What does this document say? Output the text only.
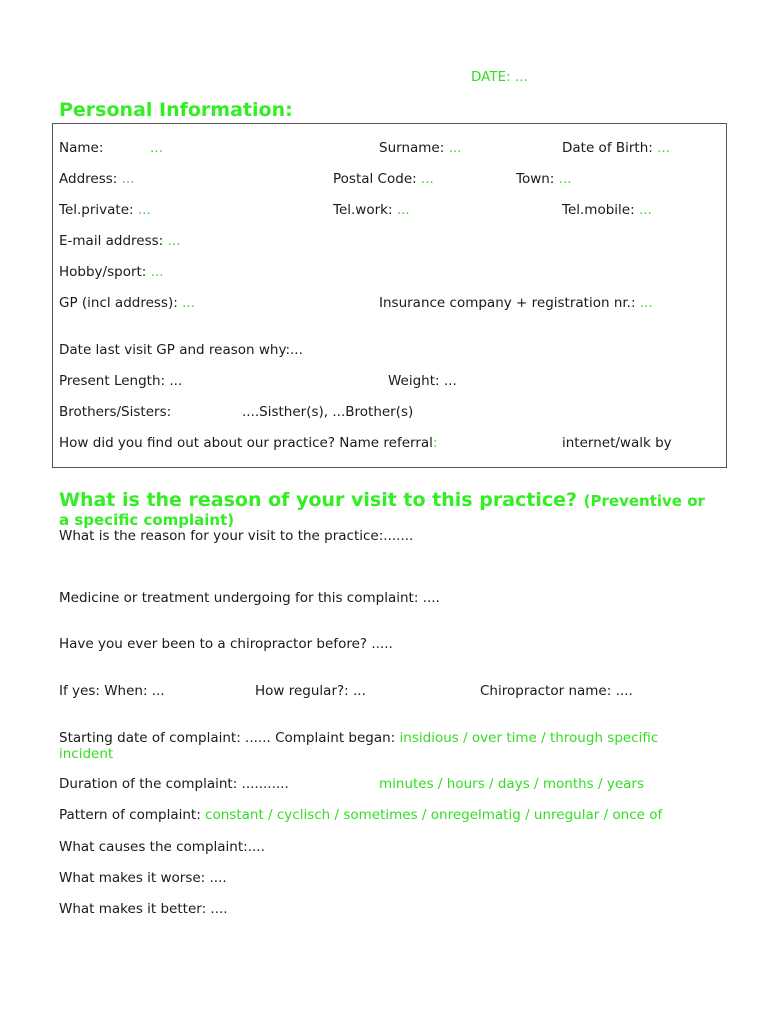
DATE: ...
Personal Information:
Name:	...	Surname: ...	Date of Birth: ...
Address: ...	Postal Code: ...	Town: ...
Tel.private: ...	Tel.work: ...	Tel.mobile: ...
E-mail address: ...
Hobby/sport: ...
GP (incl address): ...	Insurance company + registration nr.: ...
Date last visit GP and reason why:...
Present Length: ...	Weight: ...
Brothers/Sisters:	....Sisther(s), ...Brother(s)
How did you find out about our practice? Name referral:	internet/walk by
What is the reason of your visit to this practice? (Preventive or
a specific complaint)
What is the reason for your visit to the practice:.......
Medicine or treatment undergoing for this complaint: ....
Have you ever been to a chiropractor before? .....
If yes: When: ...	How regular?: ...	Chiropractor name: ....
Starting date of complaint: ...... Complaint began: insidious / over time / through specific incident
Duration of the complaint: ...........	minutes / hours / days / months / years
Pattern of complaint: constant / cyclisch / sometimes / onregelmatig / unregular / once of
What causes the complaint:....
What makes it worse: ....
What makes it better: ....
